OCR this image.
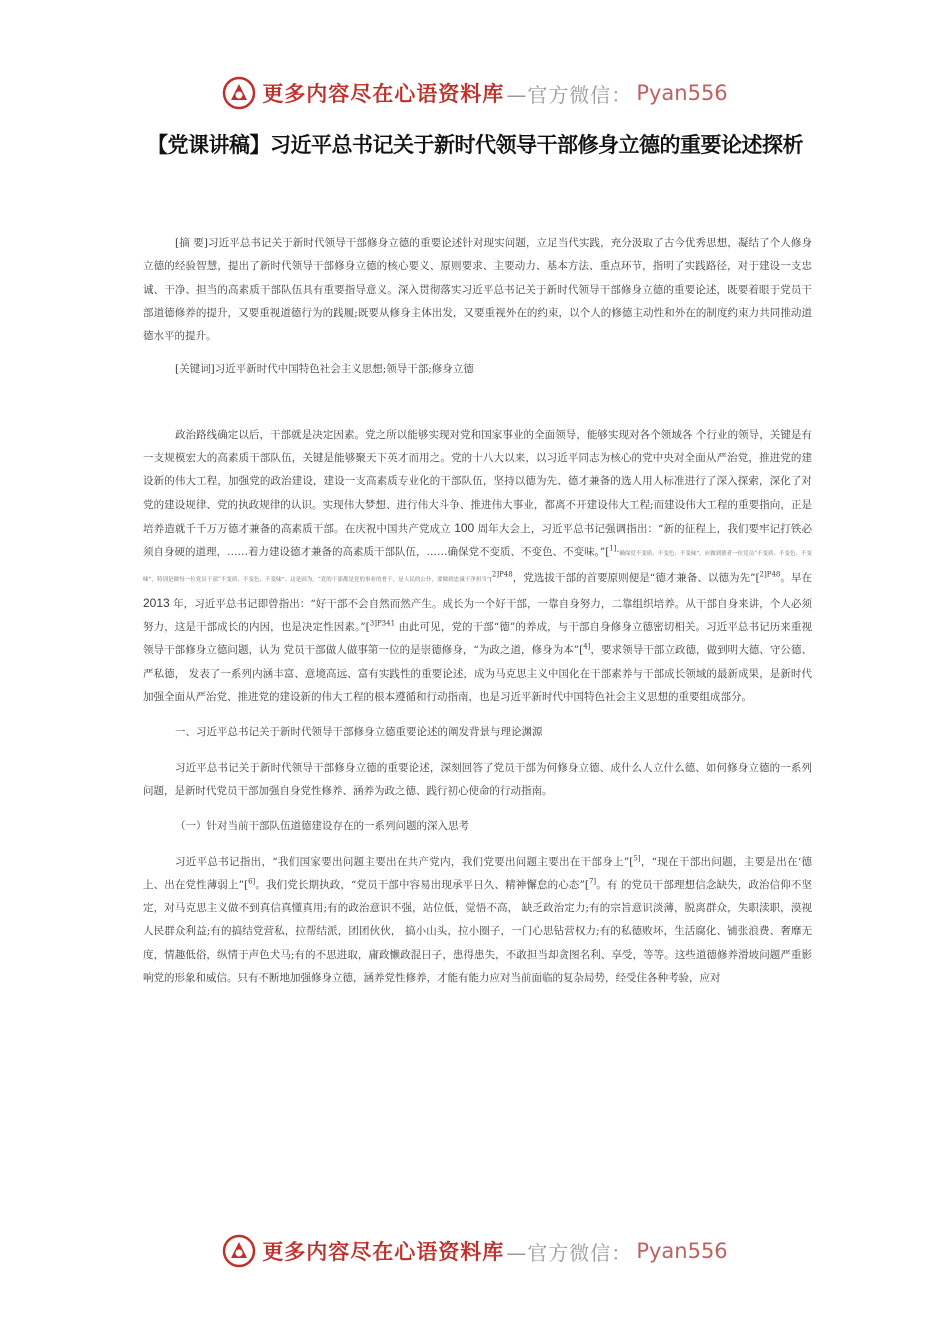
更多内容尽在心语资料库 —官方微信： Pyan556
【党课讲稿】习近平总书记关于新时代领导干部修身立德的重要论述探析

[摘 要]习近平总书记关于新时代领导干部修身立德的重要论述针对现实问题，立足当代实践，充分汲取了古今优秀思想，凝结了个人修身立德的经验智慧，提出了新时代领导干部修身立德的核心要义、原则要求、主要动力、基本方法、重点环节，指明了实践路径，对于建设一支忠诚、干净、担当的高素质干部队伍具有重要指导意义。深入贯彻落实习近平总书记关于新时代领导干部修身立德的重要论述，既要着眼于党员干部道德修养的提升，又要重视道德行为的践履;既要从修身主体出发，又要重视外在的约束，以个人的修德主动性和外在的制度约束力共同推动道德水平的提升。

[关键词]习近平新时代中国特色社会主义思想;领导干部;修身立德

政治路线确定以后，干部就是决定因素。党之所以能够实现对党和国家事业的全面领导，能够实现对各个领域各 个行业的领导，关键是有一支规模宏大的高素质干部队伍，关键是能够聚天下英才而用之。党的十八大以来，以习近平同志为核心的党中央对全面从严治党，推进党的建设新的伟大工程，加强党的政治建设，建设一支高素质专业化的干部队伍，坚持以德为先、德才兼备的选人用人标准进行了深入探索，深化了对党的建设规律、党的执政规律的认识。实现伟大梦想、进行伟大斗争、推进伟大事业，都离不开建设伟大工程;而建设伟大工程的重要指向，正是培养造就千千万万德才兼备的高素质干部。在庆祝中国共产党成立 100 周年大会上，习近平总书记强调指出：“新的征程上，我们要牢记打铁必须自身硬的道理，……着力建设德才兼备的高素质干部队伍，……确保党不变质、不变色、不变味。”[$^{1]}$“确保党不变质、不变色、不变味”，应做到德者一位党员“不变质、不变色、不变味”，特别是做每一位党员干部“不变质、不变色、不变味”。这是因为，“党的干部都是党的事业的骨干，是人民的公仆，要做到忠诚干净担当”[$^{2]P48}$，党选拔干部的首要原则便是“德才兼备、以德为先”[$^{2]P48}$。早在 2013 年，习近平总书记即曾指出：“好干部不会自然而然产生。成长为一个好干部，一靠自身努力，二靠组织培养。从干部自身来讲，个人必须努力，这是干部成长的内因，也是决定性因素。”[$^{3]P341}$ 由此可见，党的干部“德”的养成，与干部自身修身立德密切相关。习近平总书记历来重视领导干部修身立德问题，认为 党员干部做人做事第一位的是崇德修身，“为政之道，修身为本”[$^{4]}$，要求领导干部立政德，做到明大德、守公德、严私德， 发表了一系列内涵丰富、意境高远、富有实践性的重要论述，成为马克思主义中国化在干部素养与干部成长领域的最新成果，是新时代加强全面从严治党、推进党的建设新的伟大工程的根本遵循和行动指南，也是习近平新时代中国特色社会主义思想的重要组成部分。

一、习近平总书记关于新时代领导干部修身立德重要论述的阐发背景与理论渊源

习近平总书记关于新时代领导干部修身立德的重要论述，深刻回答了党员干部为何修身立德、成什么人立什么德、如何修身立德的一系列问题，是新时代党员干部加强自身党性修养、涵养为政之德、践行初心使命的行动指南。

（一）针对当前干部队伍道德建设存在的一系列问题的深入思考

习近平总书记指出，“我们国家要出问题主要出在共产党内，我们党要出问题主要出在干部身上”[$^{5]}$，“现在干部出问题，主要是出在‘德上、出在党性薄弱上”[$^{6]}$。我们党长期执政，“党员干部中容易出现承平日久、精神懈怠的心态”[$^{7]}$。有 的党员干部理想信念缺失，政治信仰不坚定，对马克思主义做不到真信真懂真用;有的政治意识不强，站位低，觉悟不高， 缺乏政治定力;有的宗旨意识淡薄，脱离群众，失职渎职，漠视人民群众利益;有的搞结党营私，拉帮结派，团团伙伙， 搞小山头，拉小圈子，一门心思钻营权力;有的私德败坏，生活腐化、铺张浪费、奢靡无度，情趣低俗，纵情于声色犬马;有的不思进取，庸政懒政混日子，患得患失，不敢担当却贪图名利、享受，等等。这些道德修养滑坡问题严重影响党的形象和威信。只有不断地加强修身立德，涵养党性修养，才能有能力应对当前面临的复杂局势，经受住各种考验，应对

更多内容尽在心语资料库 —官方微信： Pyan556
